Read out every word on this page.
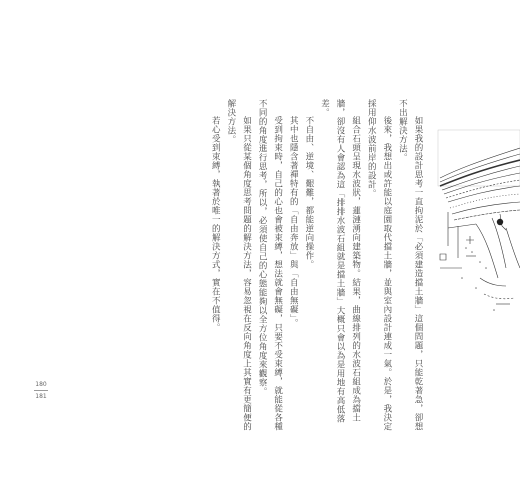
如果我的設計思考一直拘泥於「必須建造擋土牆」這個問題，只能乾著急，卻想不出解決方法。

後來，我想出或許能以庭園取代擋土牆，並與室內設計連成一氣。於是，我決定採用仰水波前岸的設計。

組合石頭呈現水波狀，蓮漣湧向建築物。結果，曲線排列的水波石組成為擋土牆，卻沒有人會認為這「排排水波石組就是擋土牆」大概只會以為是用地有高低落差。

不自由、逆境、艱難，都能逆向操作。

其中也隱含著禪特有的「自由奔放」與「自由無礙」。

受到拘束時，自己的心也會被束縛，想法就會無礙，只要不受束縛，就能從各種不同的角度進行思考，所以，必須使自己的心態能夠以全方位角度來觀察。

如果只從某個角度思考問題的解決方法，容易忽視在反向角度上其實有更簡便的解決方法。

若心受到束縛，執著於唯一的解決方式，實在不值得。

180
181
